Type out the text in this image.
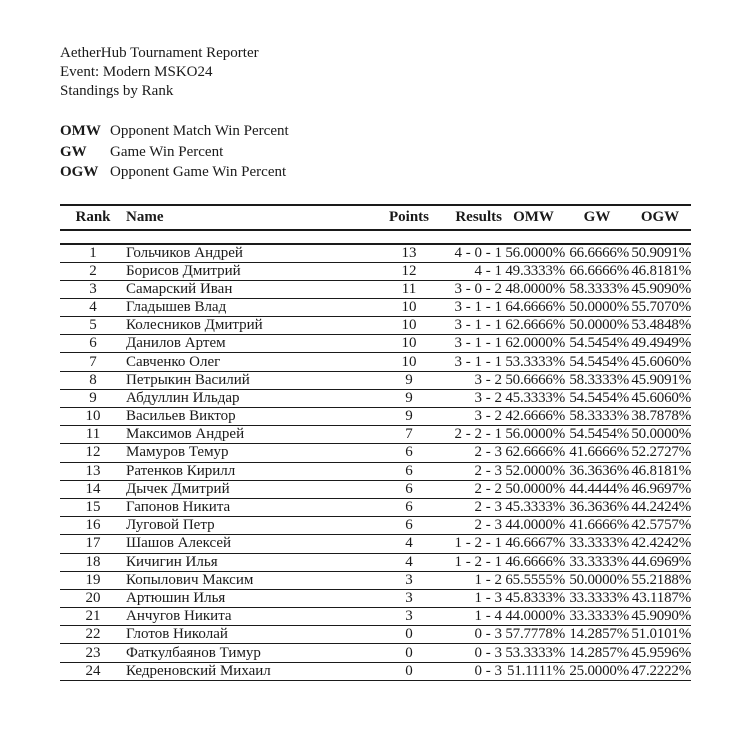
AetherHub Tournament Reporter
Event: Modern MSKO24
Standings by Rank
OMW Opponent Match Win Percent
GW Game Win Percent
OGW Opponent Game Win Percent
Rank	Name	Points	Results	OMW	GW	OGW

1	Гольчиков Андрей	13	4 - 0 - 1	56.0000%	66.6666%	50.9091%
2	Борисов Дмитрий	12	4 - 1	49.3333%	66.6666%	46.8181%
3	Самарский Иван	11	3 - 0 - 2	48.0000%	58.3333%	45.9090%
4	Гладышев Влад	10	3 - 1 - 1	64.6666%	50.0000%	55.7070%
5	Колесников Дмитрий	10	3 - 1 - 1	62.6666%	50.0000%	53.4848%
6	Данилов Артем	10	3 - 1 - 1	62.0000%	54.5454%	49.4949%
7	Савченко Олег	10	3 - 1 - 1	53.3333%	54.5454%	45.6060%
8	Петрыкин Василий	9	3 - 2	50.6666%	58.3333%	45.9091%
9	Абдуллин Ильдар	9	3 - 2	45.3333%	54.5454%	45.6060%
10	Васильев Виктор	9	3 - 2	42.6666%	58.3333%	38.7878%
11	Максимов Андрей	7	2 - 2 - 1	56.0000%	54.5454%	50.0000%
12	Мамуров Темур	6	2 - 3	62.6666%	41.6666%	52.2727%
13	Ратенков Кирилл	6	2 - 3	52.0000%	36.3636%	46.8181%
14	Дычек Дмитрий	6	2 - 2	50.0000%	44.4444%	46.9697%
15	Гапонов Никита	6	2 - 3	45.3333%	36.3636%	44.2424%
16	Луговой Петр	6	2 - 3	44.0000%	41.6666%	42.5757%
17	Шашов Алексей	4	1 - 2 - 1	46.6667%	33.3333%	42.4242%
18	Кичигин Илья	4	1 - 2 - 1	46.6666%	33.3333%	44.6969%
19	Копылович Максим	3	1 - 2	65.5555%	50.0000%	55.2188%
20	Артюшин Илья	3	1 - 3	45.8333%	33.3333%	43.1187%
21	Анчугов Никита	3	1 - 4	44.0000%	33.3333%	45.9090%
22	Глотов Николай	0	0 - 3	57.7778%	14.2857%	51.0101%
23	Фаткулбаянов Тимур	0	0 - 3	53.3333%	14.2857%	45.9596%
24	Кедреновский Михаил	0	0 - 3	51.1111%	25.0000%	47.2222%
